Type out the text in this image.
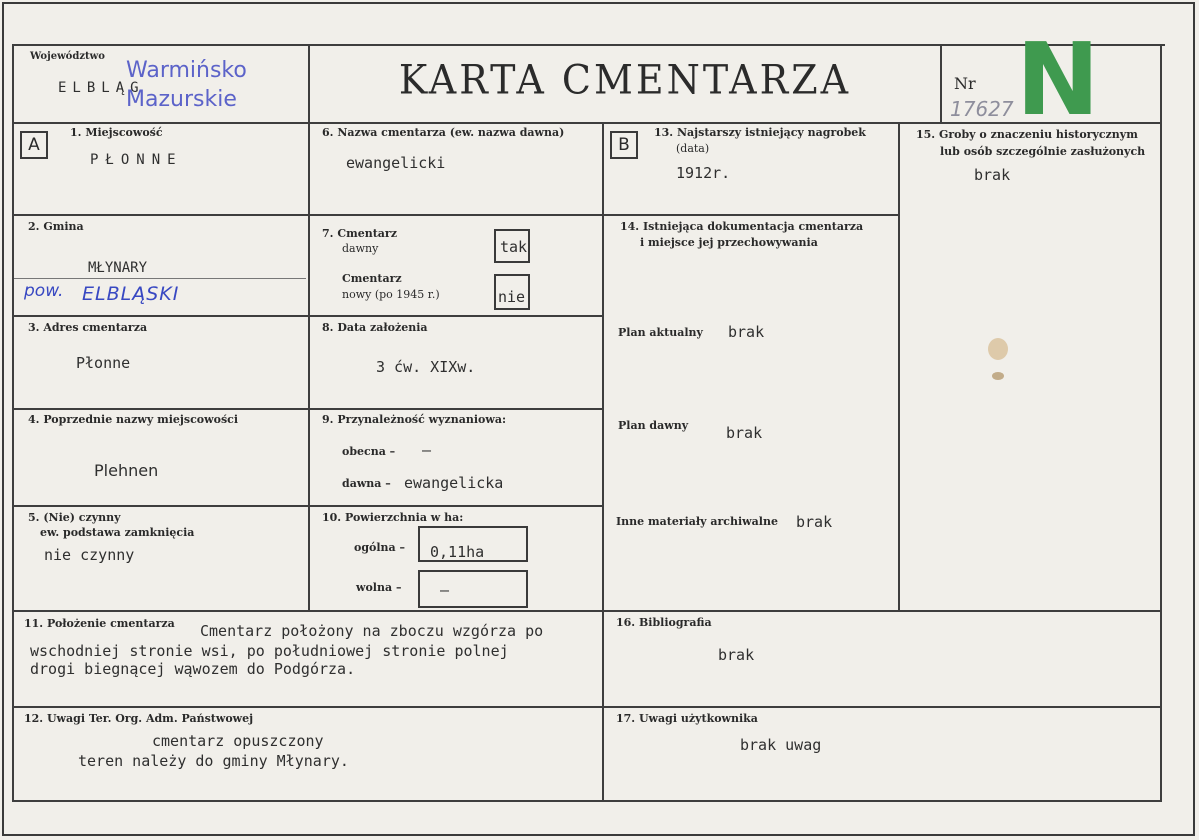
Województwo
ELBLĄG
Warmińsko
Mazurskie	KARTA CMENTARZA	Nr
17627 N
A
1. Miejscowość
PŁONNE
2. Gmina
MŁYNARY
pow. ELBLĄSKI
3. Adres cmentarza
Płonne
4. Poprzednie nazwy miejscowości
Plehnen
5. (Nie) czynny
ew. podstawa zamknięcia
nie czynny
6. Nazwa cmentarza (ew. nazwa dawna)
ewangelicki
7. Cmentarz
dawny	tak
Cmentarz
nowy (po 1945 r.)	nie
8. Data założenia
3 ćw. XIXw.
9. Przynależność wyznaniowa:
obecna – —
dawna – ewangelicka
10. Powierzchnia w ha:
ogólna – 0,11ha
wolna –	—
B
13. Najstarszy istniejący nagrobek
(data)
1912r.
14. Istniejąca dokumentacja cmentarza
i miejsce jej przechowywania
Plan aktualny brak
Plan dawny	brak
Inne materiały archiwalne brak
15. Groby o znaczeniu historycznym
lub osób szczególnie zasłużonych
brak
11. Położenie cmentarza Cmentarz położony na zboczu wzgórza po
wschodniej stronie wsi, po południowej stronie polnej
drogi biegnącej wąwozem do Podgórza.
12. Uwagi Ter. Org. Adm. Państwowej
cmentarz opuszczony
teren należy do gminy Młynary.
16. Bibliografia
brak
17. Uwagi użytkownika
brak uwag
